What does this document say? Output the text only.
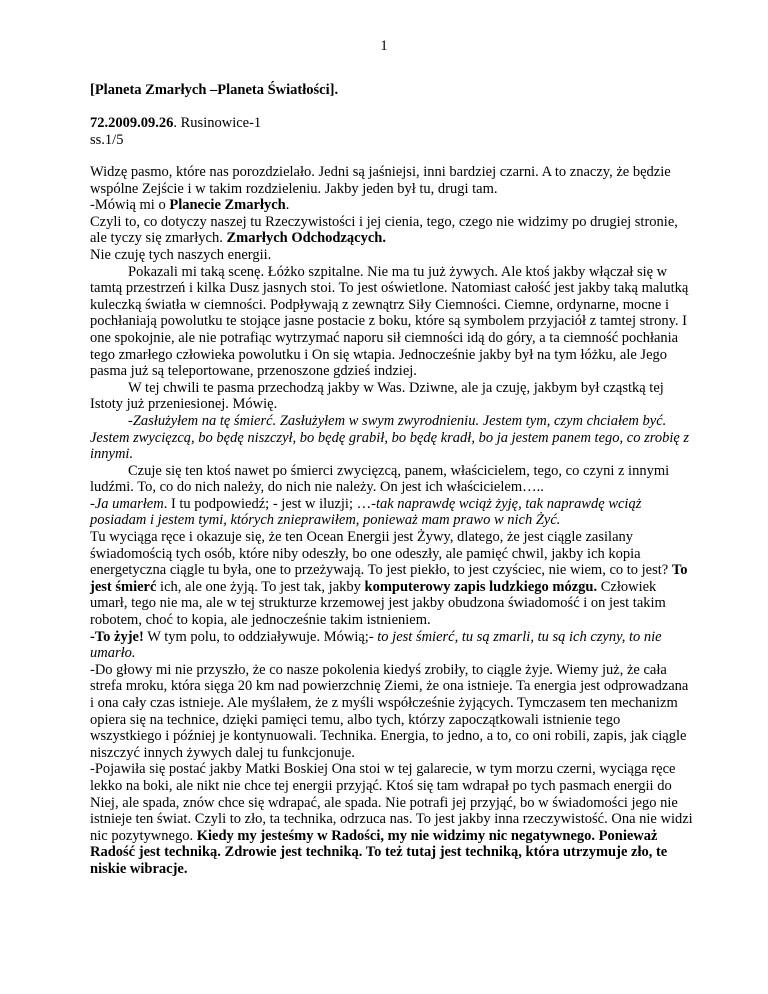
1
[Planeta Zmarłych –Planeta Światłości].
72.2009.09.26. Rusinowice-1
ss.1/5

Widzę pasmo, które nas porozdzielało. Jedni są jaśniejsi, inni bardziej czarni. A to znaczy, że będzie wspólne Zejście i w takim rozdzieleniu. Jakby jeden był tu, drugi tam.

-Mówią mi o Planecie Zmarłych.

Czyli to, co dotyczy naszej tu Rzeczywistości i jej cienia, tego, czego nie widzimy po drugiej stronie, ale tyczy się zmarłych. Zmarłych Odchodzących.

Nie czuję tych naszych energii.

Pokazali mi taką scenę. Łóżko szpitalne. Nie ma tu już żywych. Ale ktoś jakby włączał się w tamtą przestrzeń i kilka Dusz jasnych stoi. To jest oświetlone. Natomiast całość jest jakby taką malutką kuleczką światła w ciemności. Podpływają z zewnątrz Siły Ciemności. Ciemne, ordynarne, mocne i pochłaniają powolutku te stojące jasne postacie z boku, które są symbolem przyjaciół z tamtej strony. I one spokojnie, ale nie potrafiąc wytrzymać naporu sił ciemności idą do góry, a ta ciemność pochłania tego zmarłego człowieka powolutku i On się wtapia. Jednocześnie jakby był na tym łóżku, ale Jego pasma już są teleportowane, przenoszone gdzieś indziej.

W tej chwili te pasma przechodzą jakby w Was. Dziwne, ale ja czuję, jakbym był cząstką tej Istoty już przeniesionej. Mówię.

-Zasłużyłem na tę śmierć. Zasłużyłem w swym zwyrodnieniu. Jestem tym, czym chciałem być. Jestem zwycięzcą, bo będę niszczył, bo będę grabił, bo będę kradł, bo ja jestem panem tego, co zrobię z innymi.

Czuje się ten ktoś nawet po śmierci zwycięzcą, panem, właścicielem, tego, co czyni z innymi ludźmi. To, co do nich należy, do nich nie należy. On jest ich właścicielem…..

-Ja umarłem. I tu podpowiedź; - jest w iluzji; …-tak naprawdę wciąż żyję, tak naprawdę wciąż posiadam i jestem tymi, których znieprawiłem, ponieważ mam prawo w nich Żyć.

Tu wyciąga ręce i okazuje się, że ten Ocean Energii jest Żywy, dlatego, że jest ciągle zasilany świadomością tych osób, które niby odeszły, bo one odeszły, ale pamięć chwil, jakby ich kopia energetyczna ciągle tu była, one to przeżywają. To jest piekło, to jest czyściec, nie wiem, co to jest? To jest śmierć ich, ale one żyją. To jest tak, jakby komputerowy zapis ludzkiego mózgu. Człowiek umarł, tego nie ma, ale w tej strukturze krzemowej jest jakby obudzona świadomość i on jest takim robotem, choć to kopia, ale jednocześnie takim istnieniem.

-To żyje! W tym polu, to oddziaływuje. Mówią;- to jest śmierć, tu są zmarli, tu są ich czyny, to nie umarło.

-Do głowy mi nie przyszło, że co nasze pokolenia kiedyś zrobiły, to ciągle żyje. Wiemy już, że cała strefa mroku, która sięga 20 km nad powierzchnię Ziemi, że ona istnieje. Ta energia jest odprowadzana i ona cały czas istnieje. Ale myślałem, że z myśli współcześnie żyjących. Tymczasem ten mechanizm opiera się na technice, dzięki pamięci temu, albo tych, którzy zapoczątkowali istnienie tego wszystkiego i później je kontynuowali. Technika. Energia, to jedno, a to, co oni robili, zapis, jak ciągle niszczyć innych żywych dalej tu funkcjonuje.

-Pojawiła się postać jakby Matki Boskiej Ona stoi w tej galarecie, w tym morzu czerni, wyciąga ręce lekko na boki, ale nikt nie chce tej energii przyjąć. Ktoś się tam wdrapał po tych pasmach energii do Niej, ale spada, znów chce się wdrapać, ale spada. Nie potrafi jej przyjąć, bo w świadomości jego nie istnieje ten świat. Czyli to zło, ta technika, odrzuca nas. To jest jakby inna rzeczywistość. Ona nie widzi nic pozytywnego. Kiedy my jesteśmy w Radości, my nie widzimy nic negatywnego. Ponieważ Radość jest techniką. Zdrowie jest techniką. To też tutaj jest techniką, która utrzymuje zło, te niskie wibracje.
